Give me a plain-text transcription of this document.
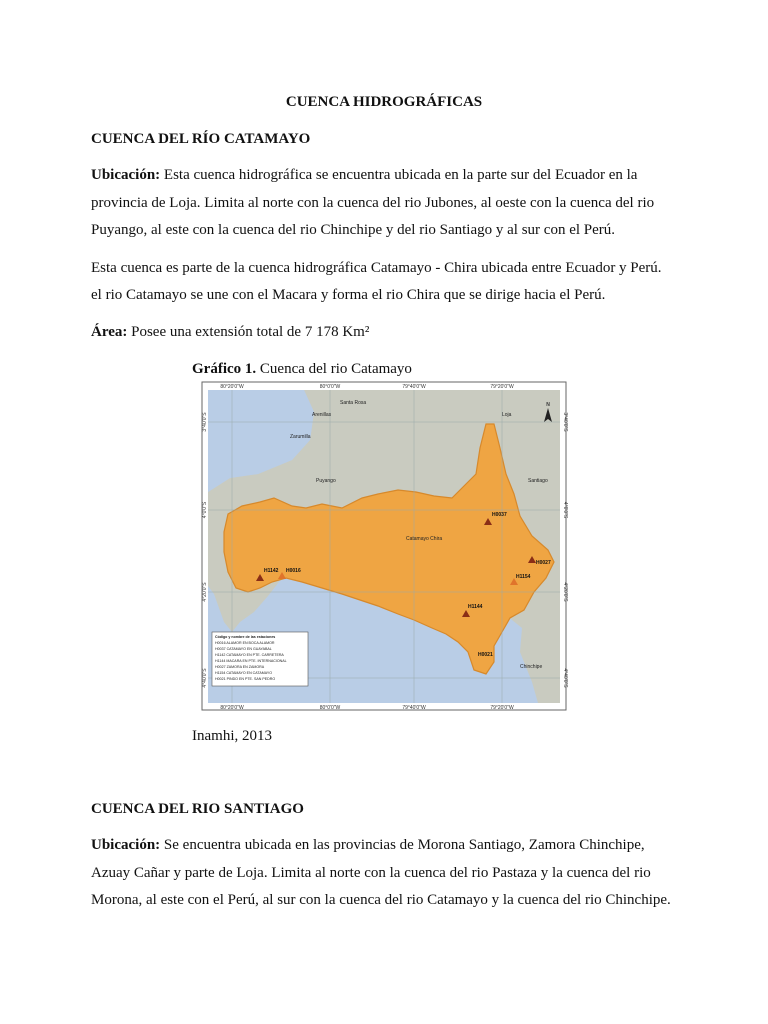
CUENCA HIDROGRÁFICAS

CUENCA DEL RÍO CATAMAYO

Ubicación: Esta cuenca hidrográfica se encuentra ubicada en la parte sur del Ecuador en la

provincia de Loja. Limita al norte con la cuenca del rio Jubones, al oeste con la cuenca del rio

Puyango, al este con la cuenca del rio Chinchipe y del rio Santiago y al sur con el Perú.

Esta cuenca es parte de la cuenca hidrográfica Catamayo - Chira ubicada entre Ecuador y Perú.

el rio Catamayo se une con el Macara y forma el rio Chira que se dirige hacia el Perú.

Área: Posee una extensión total de 7 178 Km²

Gráfico 1. Cuenca del rio Catamayo

80°20'0"W	80°0'0"W	79°40'0"W	79°20'0"W
80°20'0"W	80°0'0"W	79°40'0"W	79°20'0"W
3°40'0"S
4°0'0"S
4°20'0"S
4°40'0"S
3°40'0"S
4°0'0"S
4°20'0"S
4°40'0"S
Santa Rosa
Arenillas
Zarumilla
Puyango
Catamayo Chira
Chinchipe
Santiago
Loja
H0037
H0016
H1142
H1144
H0027
H1154
H0021
N
Código y nombre de las estaciones
H0016 ALAMOR EN BOCA ALAMOR
H0037 CATAMAYO EN GUAYABAL
H1142 CATAMAYO EN PTE. CARRETERA
H1144 MACARA EN PTE. INTERNACIONAL
H0027 ZAMORA EN ZAMORA
H1154 CATAMAYO EN CATAMAYO
H0021 PINDO EN PTE. SAN PEDRO

Inamhi, 2013

CUENCA DEL RIO SANTIAGO

Ubicación: Se encuentra ubicada en las provincias de Morona Santiago, Zamora Chinchipe,

Azuay Cañar y parte de Loja. Limita al norte con la cuenca del rio Pastaza y la cuenca del rio

Morona, al este con el Perú, al sur con la cuenca del rio Catamayo y la cuenca del rio Chinchipe.
